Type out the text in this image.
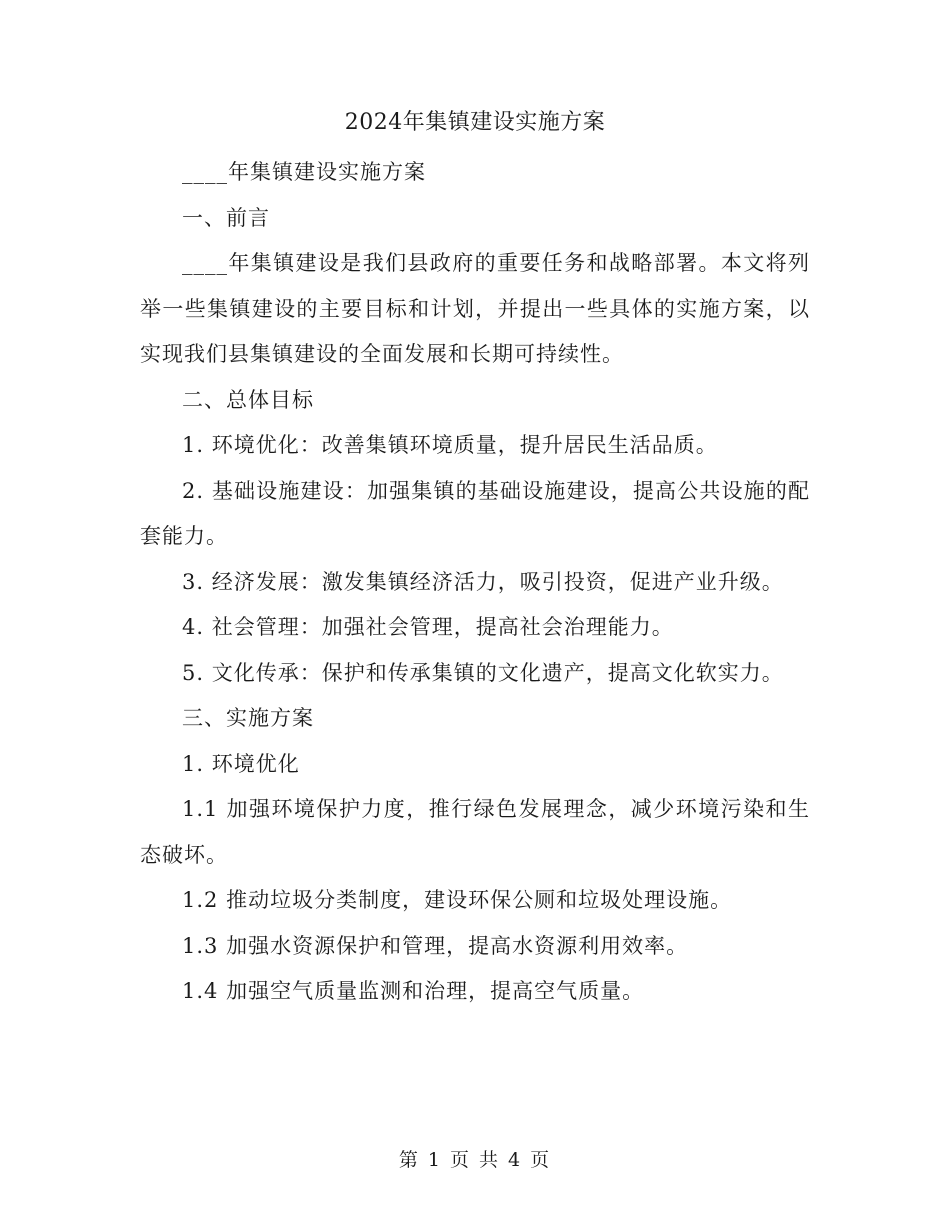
2024年集镇建设实施方案

____年集镇建设实施方案

一、前言

____年集镇建设是我们县政府的重要任务和战略部署。本文将列举一些集镇建设的主要目标和计划，并提出一些具体的实施方案，以实现我们县集镇建设的全面发展和长期可持续性。

二、总体目标

1. 环境优化：改善集镇环境质量，提升居民生活品质。

2. 基础设施建设：加强集镇的基础设施建设，提高公共设施的配套能力。

3. 经济发展：激发集镇经济活力，吸引投资，促进产业升级。

4. 社会管理：加强社会管理，提高社会治理能力。

5. 文化传承：保护和传承集镇的文化遗产，提高文化软实力。

三、实施方案

1. 环境优化

1.1 加强环境保护力度，推行绿色发展理念，减少环境污染和生态破坏。

1.2 推动垃圾分类制度，建设环保公厕和垃圾处理设施。

1.3 加强水资源保护和管理，提高水资源利用效率。

1.4 加强空气质量监测和治理，提高空气质量。

第 1 页 共 4 页
